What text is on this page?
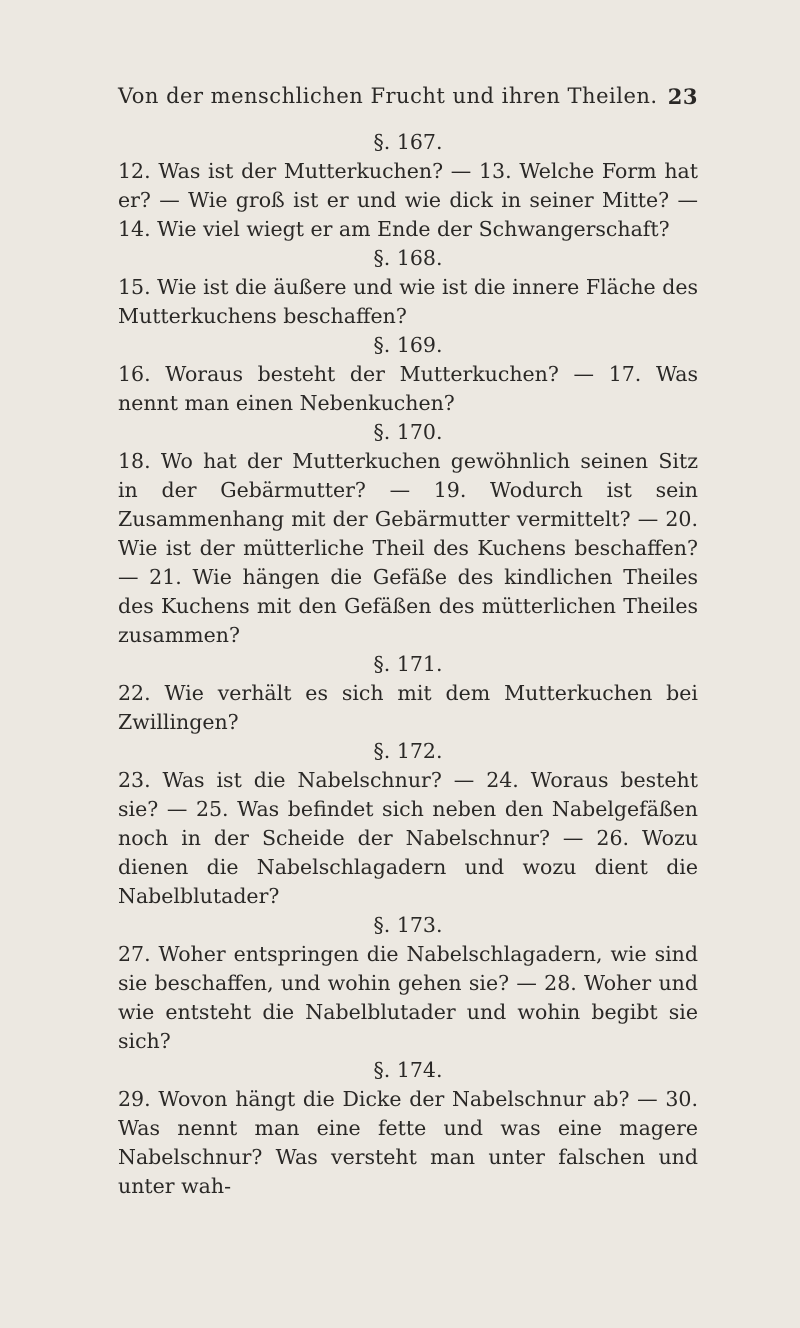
Von der menschlichen Frucht und ihren Theilen. 23

§. 167.

12. Was ist der Mutterkuchen? — 13. Welche Form hat er? — Wie groß ist er und wie dick in seiner Mitte? — 14. Wie viel wiegt er am Ende der Schwangerschaft?

§. 168.

15. Wie ist die äußere und wie ist die innere Fläche des Mutterkuchens beschaffen?

§. 169.

16. Woraus besteht der Mutterkuchen? — 17. Was nennt man einen Nebenkuchen?

§. 170.

18. Wo hat der Mutterkuchen gewöhnlich seinen Sitz in der Gebärmutter? — 19. Wodurch ist sein Zusammenhang mit der Gebärmutter vermittelt? — 20. Wie ist der mütterliche Theil des Kuchens beschaffen? — 21. Wie hängen die Gefäße des kindlichen Theiles des Kuchens mit den Gefäßen des mütterlichen Theiles zusammen?

§. 171.

22. Wie verhält es sich mit dem Mutterkuchen bei Zwillingen?

§. 172.

23. Was ist die Nabelschnur? — 24. Woraus besteht sie? — 25. Was befindet sich neben den Nabelgefäßen noch in der Scheide der Nabelschnur? — 26. Wozu dienen die Nabelschlagadern und wozu dient die Nabelblutader?

§. 173.

27. Woher entspringen die Nabelschlagadern, wie sind sie beschaffen, und wohin gehen sie? — 28. Woher und wie entsteht die Nabelblutader und wohin begibt sie sich?

§. 174.

29. Wovon hängt die Dicke der Nabelschnur ab? — 30. Was nennt man eine fette und was eine magere Nabelschnur? Was versteht man unter falschen und unter wah-
